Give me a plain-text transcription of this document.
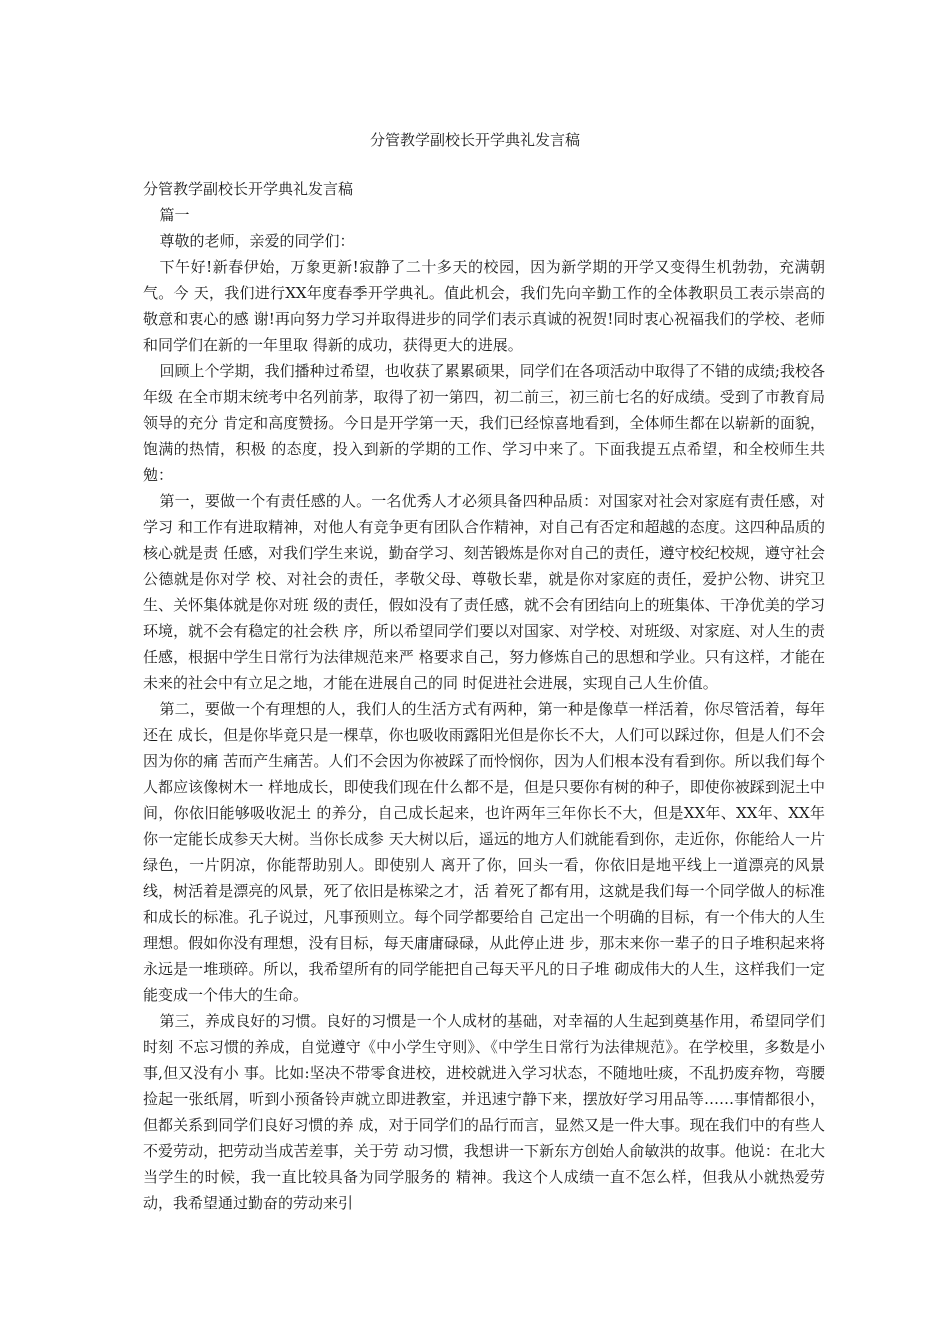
分管教学副校长开学典礼发言稿

分管教学副校长开学典礼发言稿

篇一

尊敬的老师，亲爱的同学们：

下午好!新春伊始，万象更新!寂静了二十多天的校园，因为新学期的开学又变得生机勃勃，充满朝气。今 天，我们进行XX年度春季开学典礼。值此机会，我们先向辛勤工作的全体教职员工表示崇高的敬意和衷心的感 谢!再向努力学习并取得进步的同学们表示真诚的祝贺!同时衷心祝福我们的学校、老师和同学们在新的一年里取 得新的成功，获得更大的进展。

回顾上个学期，我们播种过希望，也收获了累累硕果，同学们在各项活动中取得了不错的成绩;我校各年级 在全市期末统考中名列前茅，取得了初一第四，初二前三，初三前七名的好成绩。受到了市教育局领导的充分 肯定和高度赞扬。今日是开学第一天，我们已经惊喜地看到，全体师生都在以崭新的面貌，饱满的热情，积极 的态度，投入到新的学期的工作、学习中来了。下面我提五点希望，和全校师生共勉：

第一，要做一个有责任感的人。一名优秀人才必须具备四种品质：对国家对社会对家庭有责任感，对学习 和工作有进取精神，对他人有竞争更有团队合作精神，对自己有否定和超越的态度。这四种品质的核心就是责 任感，对我们学生来说，勤奋学习、刻苦锻炼是你对自己的责任，遵守校纪校规，遵守社会公德就是你对学 校、对社会的责任，孝敬父母、尊敬长辈，就是你对家庭的责任，爱护公物、讲究卫生、关怀集体就是你对班 级的责任，假如没有了责任感，就不会有团结向上的班集体、干净优美的学习环境，就不会有稳定的社会秩 序，所以希望同学们要以对国家、对学校、对班级、对家庭、对人生的责任感，根据中学生日常行为法律规范来严 格要求自己，努力修炼自己的思想和学业。只有这样，才能在未来的社会中有立足之地，才能在进展自己的同 时促进社会进展，实现自己人生价值。

第二，要做一个有理想的人，我们人的生活方式有两种，第一种是像草一样活着，你尽管活着，每年还在 成长，但是你毕竟只是一棵草，你也吸收雨露阳光但是你长不大，人们可以踩过你，但是人们不会因为你的痛 苦而产生痛苦。人们不会因为你被踩了而怜悯你，因为人们根本没有看到你。所以我们每个人都应该像树木一 样地成长，即使我们现在什么都不是，但是只要你有树的种子，即使你被踩到泥土中间，你依旧能够吸收泥土 的养分，自己成长起来，也许两年三年你长不大，但是XX年、XX年、XX年你一定能长成参天大树。当你长成参 天大树以后，遥远的地方人们就能看到你，走近你，你能给人一片绿色，一片阴凉，你能帮助别人。即使别人 离开了你，回头一看，你依旧是地平线上一道漂亮的风景线，树活着是漂亮的风景，死了依旧是栋梁之才，活 着死了都有用，这就是我们每一个同学做人的标准和成长的标准。孔子说过，凡事预则立。每个同学都要给自 己定出一个明确的目标，有一个伟大的人生理想。假如你没有理想，没有目标，每天庸庸碌碌，从此停止进 步，那末来你一辈子的日子堆积起来将永远是一堆琐碎。所以，我希望所有的同学能把自己每天平凡的日子堆 砌成伟大的人生，这样我们一定能变成一个伟大的生命。

第三，养成良好的习惯。良好的习惯是一个人成材的基础，对幸福的人生起到奠基作用，希望同学们时刻 不忘习惯的养成，自觉遵守《中小学生守则》、《中学生日常行为法律规范》。在学校里，多数是小事,但又没有小 事。比如:坚决不带零食进校，进校就进入学习状态，不随地吐痰，不乱扔废弃物，弯腰捡起一张纸屑，听到小预备铃声就立即进教室，并迅速宁静下来，摆放好学习用品等……事情都很小，但都关系到同学们良好习惯的养 成，对于同学们的品行而言，显然又是一件大事。现在我们中的有些人不爱劳动，把劳动当成苦差事，关于劳 动习惯，我想讲一下新东方创始人俞敏洪的故事。他说：在北大当学生的时候，我一直比较具备为同学服务的 精神。我这个人成绩一直不怎么样，但我从小就热爱劳动，我希望通过勤奋的劳动来引
